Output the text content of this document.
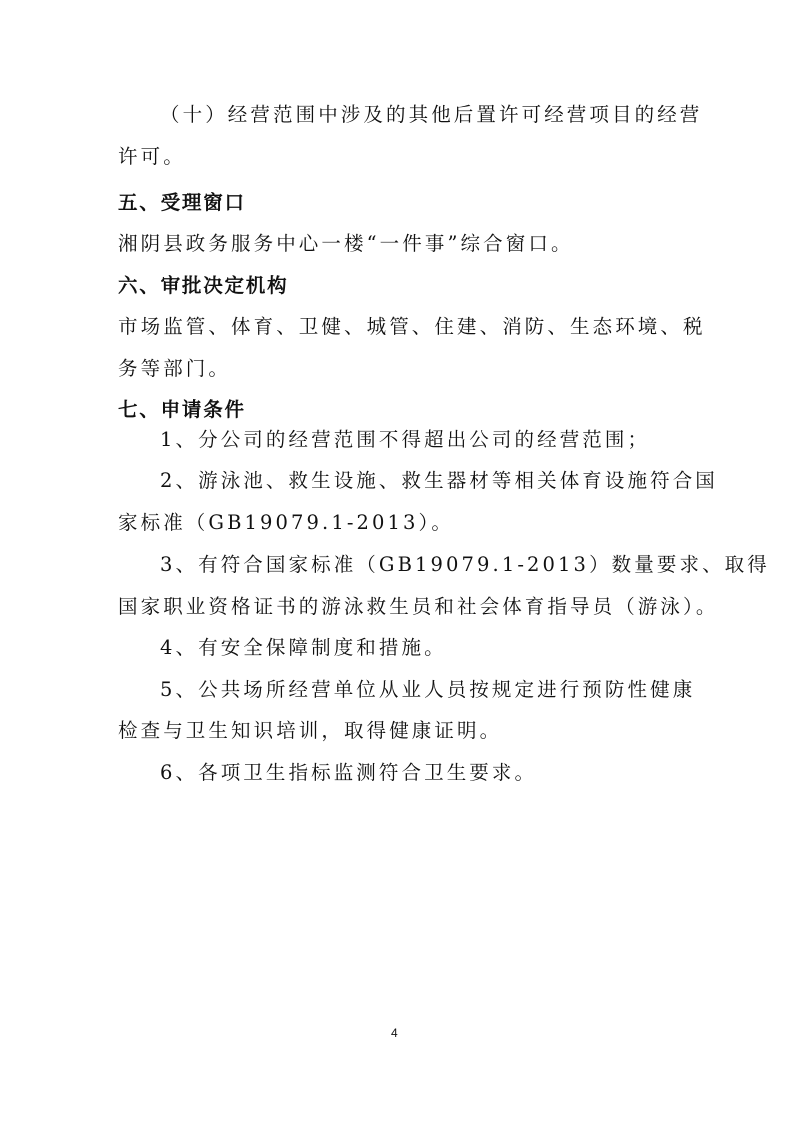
（十）经营范围中涉及的其他后置许可经营项目的经营
许可。
五、受理窗口
湘阴县政务服务中心一楼“一件事”综合窗口。
六、审批决定机构
市场监管、体育、卫健、城管、住建、消防、生态环境、税
务等部门。
七、申请条件
1、分公司的经营范围不得超出公司的经营范围；
2、游泳池、救生设施、救生器材等相关体育设施符合国
家标准（GB19079.1-2013）。
3、有符合国家标准（GB19079.1-2013）数量要求、取得
国家职业资格证书的游泳救生员和社会体育指导员（游泳）。
4、有安全保障制度和措施。
5、公共场所经营单位从业人员按规定进行预防性健康
检查与卫生知识培训，取得健康证明。
6、各项卫生指标监测符合卫生要求。
4
